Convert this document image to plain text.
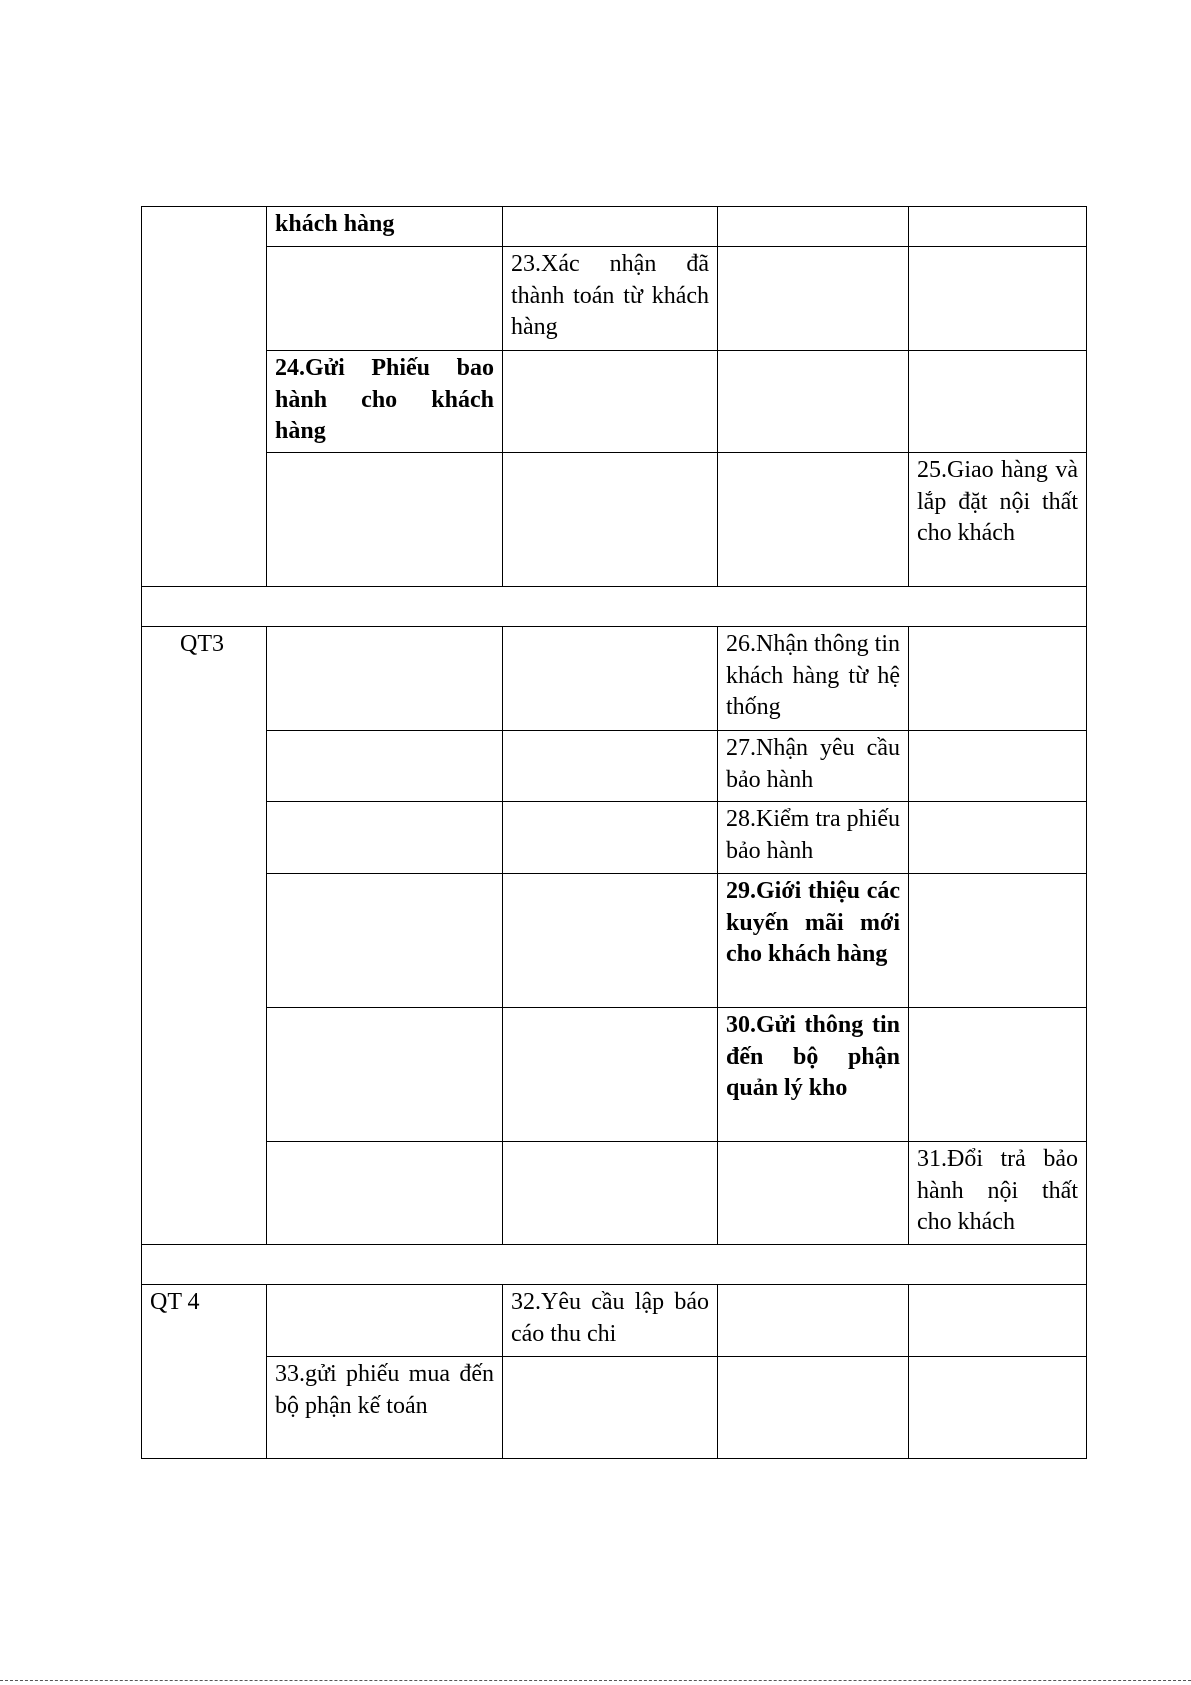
	khách hàng			
		23.Xác nhận đã thành toán từ khách hàng		
	24.Gửi Phiếu bao hành cho khách hàng			
				25.Giao hàng và lắp đặt nội thất cho khách

QT3			26.Nhận thông tin khách hàng từ hệ thống	
			27.Nhận yêu cầu bảo hành	
			28.Kiểm tra phiếu bảo hành	
			29.Giới thiệu các kuyến mãi mới cho khách hàng	
			30.Gửi thông tin đến bộ phận quản lý kho	
				31.Đổi trả bảo hành nội thất cho khách

QT 4		32.Yêu cầu lập báo cáo thu chi		
	33.gửi phiếu mua đến bộ phận kế toán			
